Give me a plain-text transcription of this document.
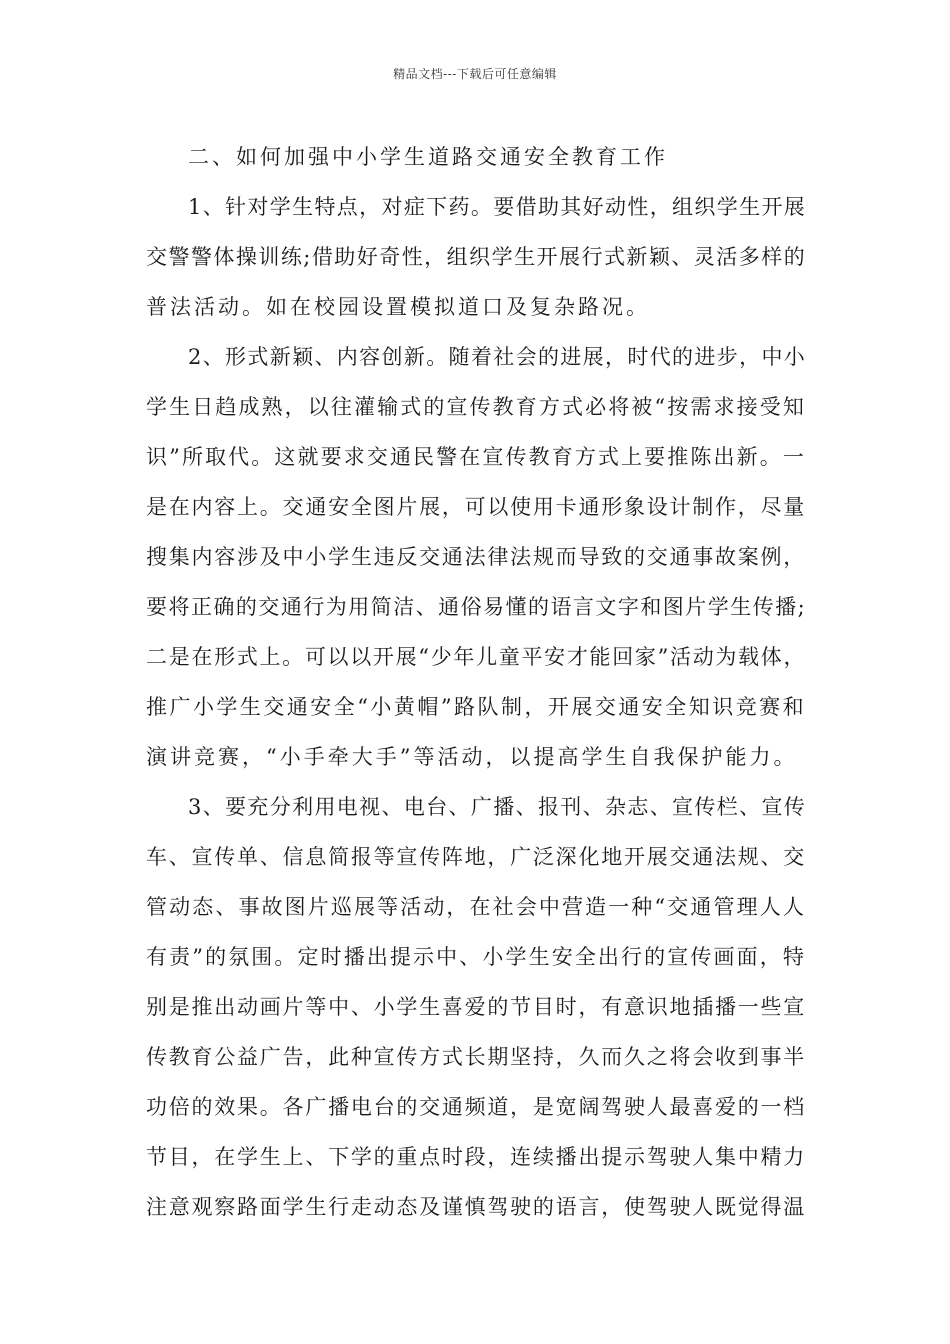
精品文档---下载后可任意编辑
二、如何加强中小学生道路交通安全教育工作
1、针对学生特点，对症下药。要借助其好动性，组织学生开展
交警警体操训练;借助好奇性，组织学生开展行式新颖、灵活多样的
普法活动。如在校园设置模拟道口及复杂路况。
2、形式新颖、内容创新。随着社会的进展，时代的进步，中小
学生日趋成熟，以往灌输式的宣传教育方式必将被“按需求接受知
识”所取代。这就要求交通民警在宣传教育方式上要推陈出新。一
是在内容上。交通安全图片展，可以使用卡通形象设计制作，尽量
搜集内容涉及中小学生违反交通法律法规而导致的交通事故案例，
要将正确的交通行为用简洁、通俗易懂的语言文字和图片学生传播;
二是在形式上。可以以开展“少年儿童平安才能回家”活动为载体，
推广小学生交通安全“小黄帽”路队制，开展交通安全知识竞赛和
演讲竞赛，“小手牵大手”等活动，以提高学生自我保护能力。
3、要充分利用电视、电台、广播、报刊、杂志、宣传栏、宣传
车、宣传单、信息简报等宣传阵地，广泛深化地开展交通法规、交
管动态、事故图片巡展等活动，在社会中营造一种“交通管理人人
有责”的氛围。定时播出提示中、小学生安全出行的宣传画面，特
别是推出动画片等中、小学生喜爱的节目时，有意识地插播一些宣
传教育公益广告，此种宣传方式长期坚持，久而久之将会收到事半
功倍的效果。各广播电台的交通频道，是宽阔驾驶人最喜爱的一档
节目，在学生上、下学的重点时段，连续播出提示驾驶人集中精力
注意观察路面学生行走动态及谨慎驾驶的语言，使驾驶人既觉得温
